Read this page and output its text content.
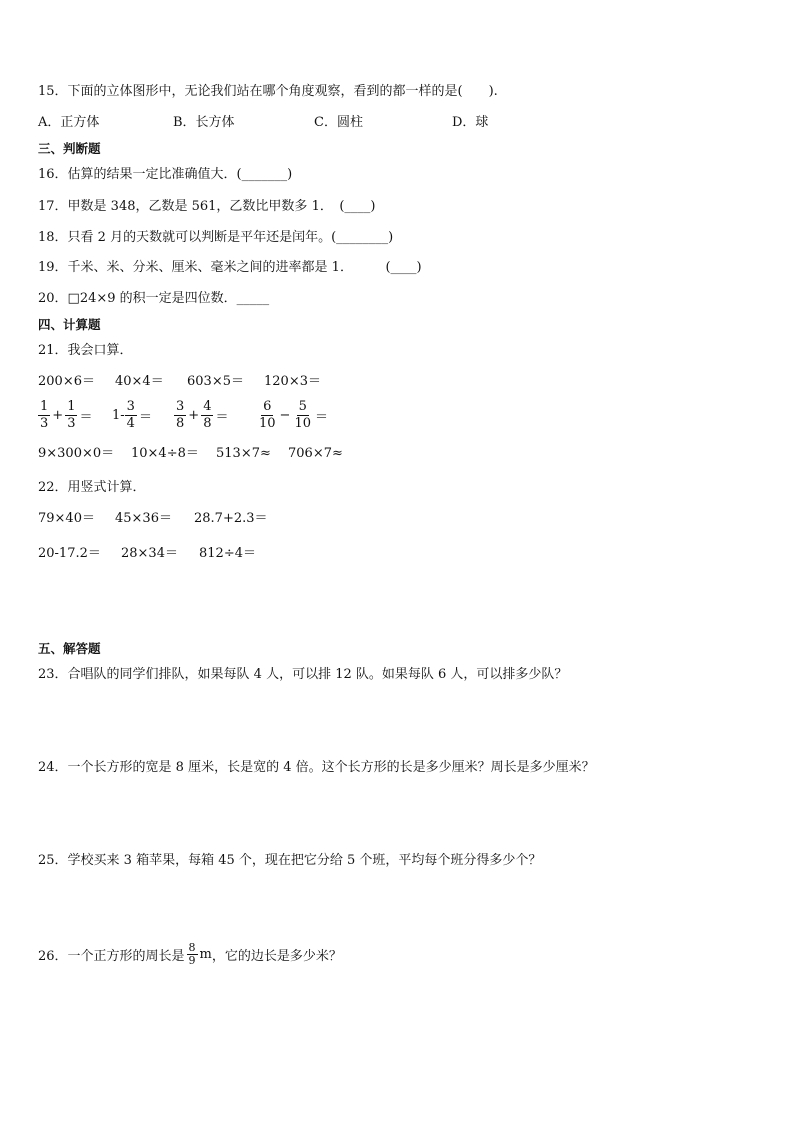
15．下面的立体图形中，无论我们站在哪个角度观察，看到的都一样的是(　　).
A．正方体	B．长方体	C．圆柱	D．球
三、判断题
16．估算的结果一定比准确值大．(_______)
17．甲数是 348，乙数是 561，乙数比甲数多 1．　(____)
18．只看 2 月的天数就可以判断是平年还是闰年。(________)
19．千米、米、分米、厘米、毫米之间的进率都是 1．　　　(____)
20．□24×9 的积一定是四位数．_____
四、计算题
21．我会口算．
200×6＝ 40×4＝ 603×5＝ 120×3＝
$\frac{1}{3} + \frac{1}{3} = 1- \frac{3}{4} = \frac{3}{8} + \frac{4}{8} = \frac{6}{10} - \frac{5}{10}$ ＝
9×300×0＝ 10×4÷8＝ 513×7≈ 706×7≈
22．用竖式计算．
79×40＝ 45×36＝ 28.7+2.3＝
20-17.2＝ 28×34＝ 812÷4＝
五、解答题
23．合唱队的同学们排队，如果每队 4 人，可以排 12 队。如果每队 6 人，可以排多少队？
24．一个长方形的宽是 8 厘米，长是宽的 4 倍。这个长方形的长是多少厘米？周长是多少厘米？
25．学校买来 3 箱苹果，每箱 45 个，现在把它分给 5 个班，平均每个班分得多少个？
26．一个正方形的周长是 $\frac{8}{9}$ m ，它的边长是多少米？
